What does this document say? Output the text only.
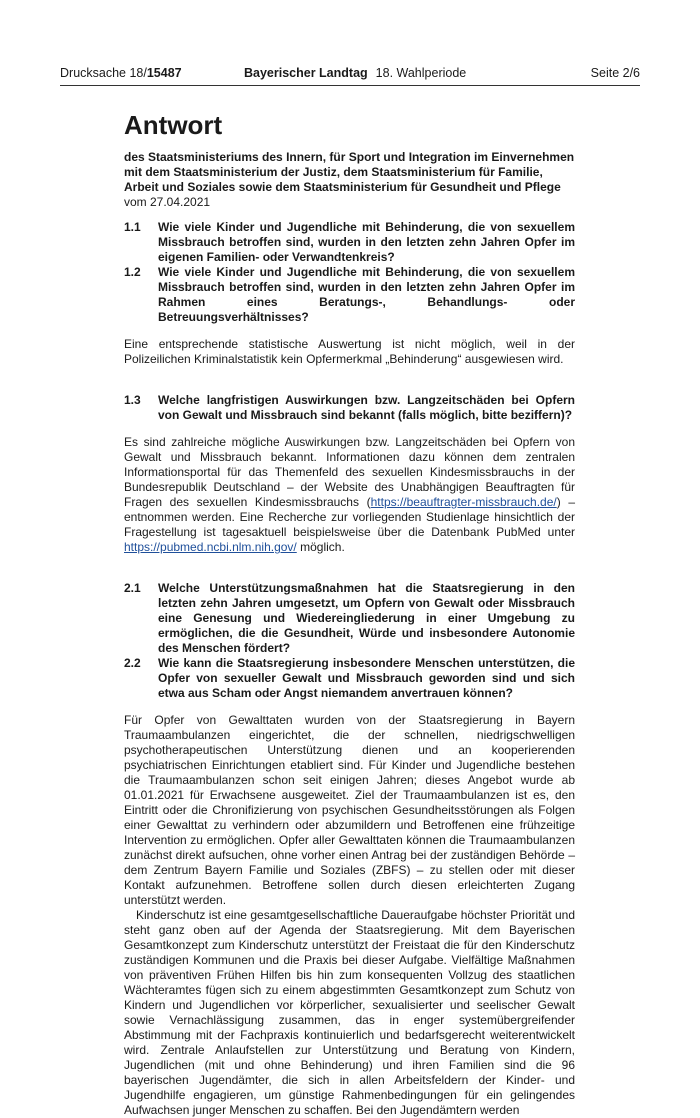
Drucksache 18/15487	Bayerischer Landtag 18. Wahlperiode	Seite 2/6
Antwort

des Staatsministeriums des Innern, für Sport und Integration im Einvernehmen mit dem Staatsministerium der Justiz, dem Staatsministerium für Familie, Arbeit und Soziales sowie dem Staatsministerium für Gesundheit und Pflege

vom 27.04.2021

1.1	Wie viele Kinder und Jugendliche mit Behinderung, die von sexuellem Missbrauch betroffen sind, wurden in den letzten zehn Jahren Opfer im eigenen Familien- oder Verwandtenkreis?
1.2	Wie viele Kinder und Jugendliche mit Behinderung, die von sexuellem Missbrauch betroffen sind, wurden in den letzten zehn Jahren Opfer im Rahmen eines Beratungs-, Behandlungs- oder Betreuungsverhältnisses?

Eine entsprechende statistische Auswertung ist nicht möglich, weil in der Polizeilichen Kriminalstatistik kein Opfermerkmal „Behinderung“ ausgewiesen wird.

1.3	Welche langfristigen Auswirkungen bzw. Langzeitschäden bei Opfern von Gewalt und Missbrauch sind bekannt (falls möglich, bitte beziffern)?

Es sind zahlreiche mögliche Auswirkungen bzw. Langzeitschäden bei Opfern von Gewalt und Missbrauch bekannt. Informationen dazu können dem zentralen Informationsportal für das Themenfeld des sexuellen Kindesmissbrauchs in der Bundesrepublik Deutschland – der Website des Unabhängigen Beauftragten für Fragen des sexuellen Kindesmissbrauchs (https://beauftragter-missbrauch.de/) – entnommen werden. Eine Recherche zur vorliegenden Studienlage hinsichtlich der Fragestellung ist tagesaktuell beispielsweise über die Datenbank PubMed unter https://pubmed.ncbi.nlm.nih.gov/ möglich.

2.1	Welche Unterstützungsmaßnahmen hat die Staatsregierung in den letzten zehn Jahren umgesetzt, um Opfern von Gewalt oder Missbrauch eine Genesung und Wiedereingliederung in einer Umgebung zu ermöglichen, die die Gesundheit, Würde und insbesondere Autonomie des Menschen fördert?
2.2	Wie kann die Staatsregierung insbesondere Menschen unterstützen, die Opfer von sexueller Gewalt und Missbrauch geworden sind und sich etwa aus Scham oder Angst niemandem anvertrauen können?

Für Opfer von Gewalttaten wurden von der Staatsregierung in Bayern Traumaambulanzen eingerichtet, die der schnellen, niedrigschwelligen psychotherapeutischen Unterstützung dienen und an kooperierenden psychiatrischen Einrichtungen etabliert sind. Für Kinder und Jugendliche bestehen die Traumaambulanzen schon seit einigen Jahren; dieses Angebot wurde ab 01.01.2021 für Erwachsene ausgeweitet. Ziel der Traumaambulanzen ist es, den Eintritt oder die Chronifizierung von psychischen Gesundheitsstörungen als Folgen einer Gewalttat zu verhindern oder abzumildern und Betroffenen eine frühzeitige Intervention zu ermöglichen. Opfer aller Gewalttaten können die Traumaambulanzen zunächst direkt aufsuchen, ohne vorher einen Antrag bei der zuständigen Behörde – dem Zentrum Bayern Familie und Soziales (ZBFS) – zu stellen oder mit dieser Kontakt aufzunehmen. Betroffene sollen durch diesen erleichterten Zugang unterstützt werden.

Kinderschutz ist eine gesamtgesellschaftliche Daueraufgabe höchster Priorität und steht ganz oben auf der Agenda der Staatsregierung. Mit dem Bayerischen Gesamtkonzept zum Kinderschutz unterstützt der Freistaat die für den Kinderschutz zuständigen Kommunen und die Praxis bei dieser Aufgabe. Vielfältige Maßnahmen von präventiven Frühen Hilfen bis hin zum konsequenten Vollzug des staatlichen Wächteramtes fügen sich zu einem abgestimmten Gesamtkonzept zum Schutz von Kindern und Jugendlichen vor körperlicher, sexualisierter und seelischer Gewalt sowie Vernachlässigung zusammen, das in enger systemübergreifender Abstimmung mit der Fachpraxis kontinuierlich und bedarfsgerecht weiterentwickelt wird. Zentrale Anlaufstellen zur Unterstützung und Beratung von Kindern, Jugendlichen (mit und ohne Behinderung) und ihren Familien sind die 96 bayerischen Jugendämter, die sich in allen Arbeitsfeldern der Kinder- und Jugendhilfe engagieren, um günstige Rahmenbedingungen für ein gelingendes Aufwachsen junger Menschen zu schaffen. Bei den Jugendämtern werden
